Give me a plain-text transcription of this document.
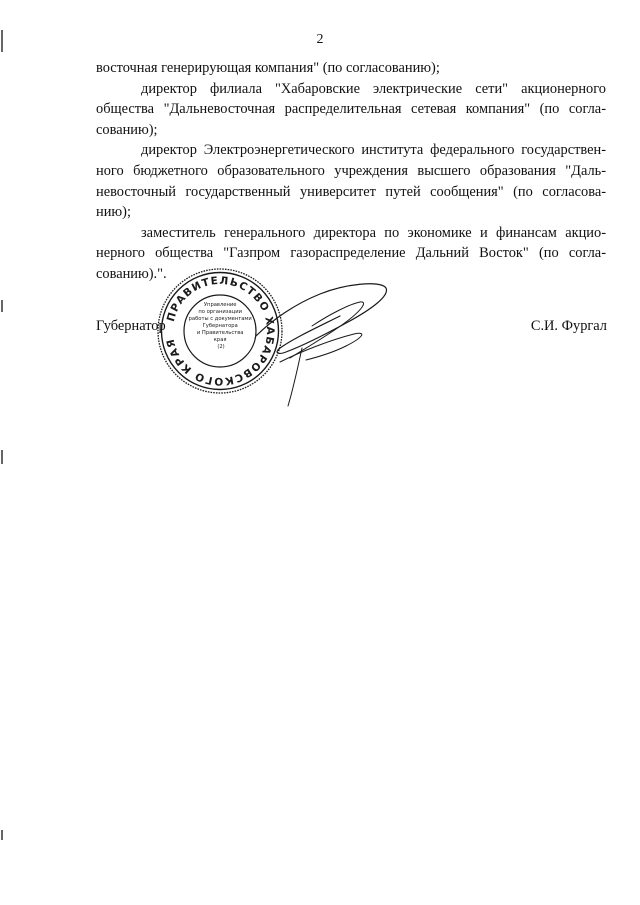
2

восточная генерирующая компания" (по согласованию);

директор филиала "Хабаровские электрические сети" акционерного
общества "Дальневосточная распределительная сетевая компания" (по согла-
сованию);

директор Электроэнергетического института федерального государствен-
ного бюджетного образовательного учреждения высшего образования "Даль-
невосточный государственный университет путей сообщения" (по согласова-
нию);

заместитель генерального директора по экономике и финансам акцио-
нерного общества "Газпром газораспределение Дальний Восток" (по согла-
сованию).".

Губернатор	С.И. Фургал
ПРАВИТЕЛЬСТВО ХАБАРОВСКОГО КРАЯ
Управление по организации работы с документами Губернатора и Правительства края (2)
